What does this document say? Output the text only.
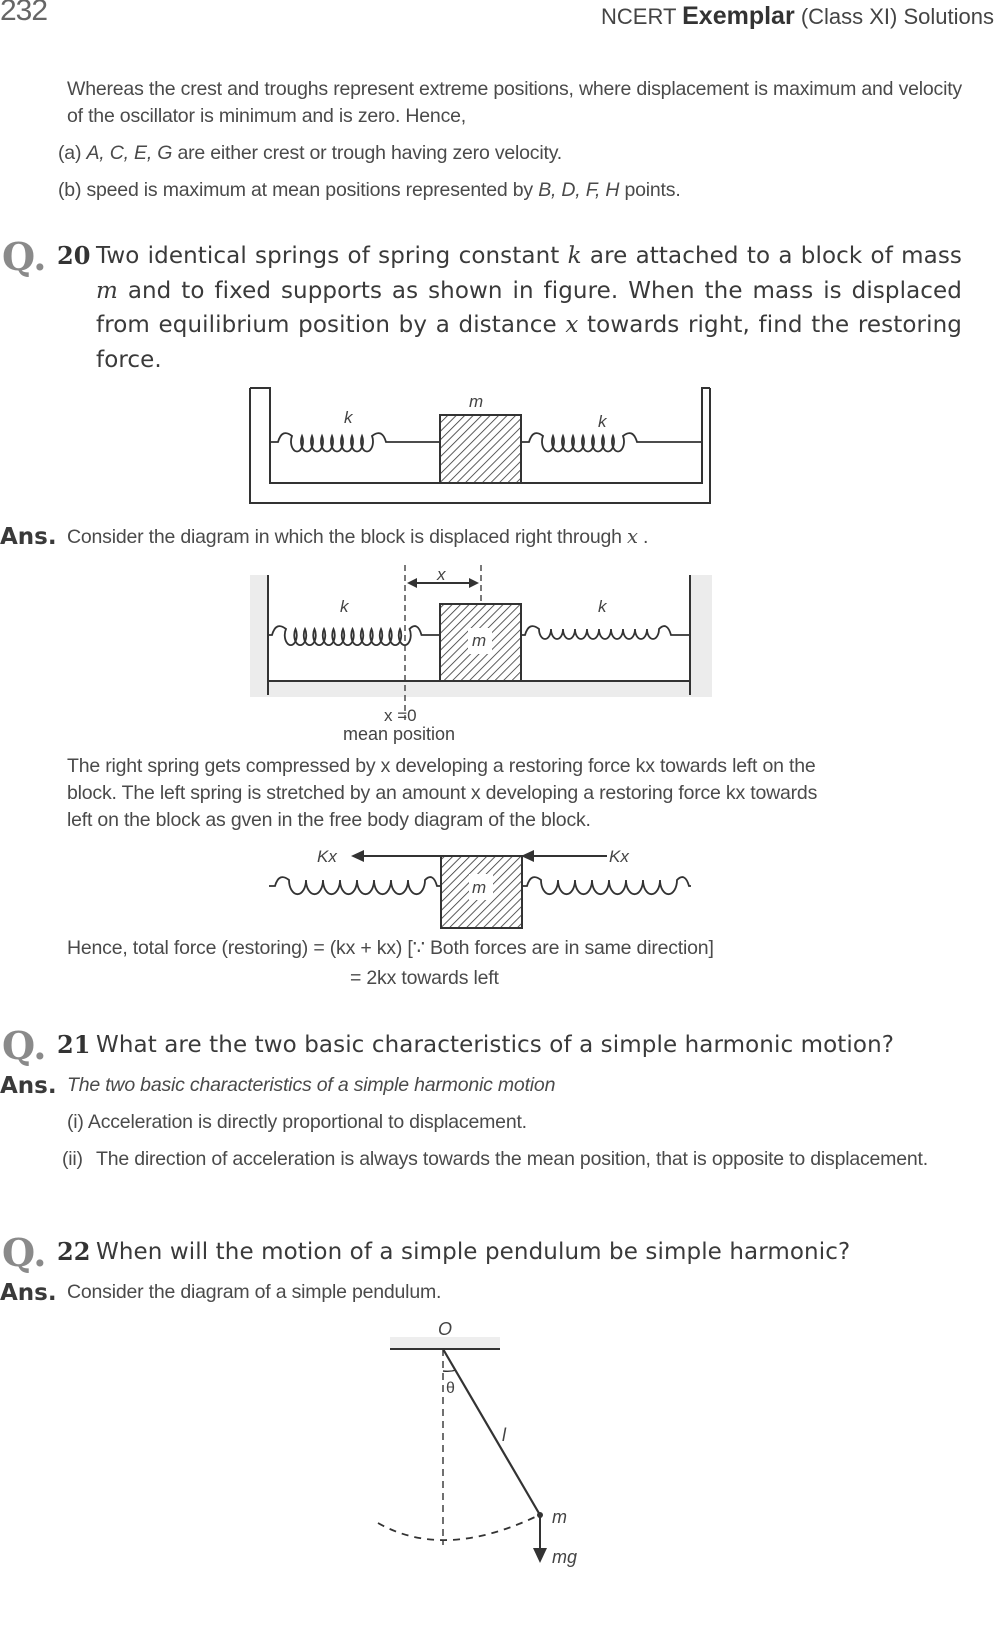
232	NCERT Exemplar (Class XI) Solutions
Whereas the crest and troughs represent extreme positions, where displacement is maximum and velocity of the oscillator is minimum and is zero. Hence,
(a) A, C, E, G are either crest or trough having zero velocity.
(b) speed is maximum at mean positions represented by B, D, F, H points.
Q. 20 Two identical springs of spring constant k are attached to a block of mass m and to fixed supports as shown in figure. When the mass is displaced from equilibrium position by a distance x towards right, find the restoring force.
k
m
k
Ans. Consider the diagram in which the block is displaced right through x .
x
k
m
k
x =0
mean position
The right spring gets compressed by x developing a restoring force kx towards left on the
block. The left spring is stretched by an amount x developing a restoring force kx towards
left on the block as gven in the free body diagram of the block.
Kx	Kx
m
Hence, total force (restoring) = (kx + kx) [∵ Both forces are in same direction]
= 2kx towards left
Q. 21 What are the two basic characteristics of a simple harmonic motion?
Ans. The two basic characteristics of a simple harmonic motion
(i) Acceleration is directly proportional to displacement.
(ii) The direction of acceleration is always towards the mean position, that is opposite to displacement.
Q. 22 When will the motion of a simple pendulum be simple harmonic?
Ans. Consider the diagram of a simple pendulum.
O
θ
l
m
mg
